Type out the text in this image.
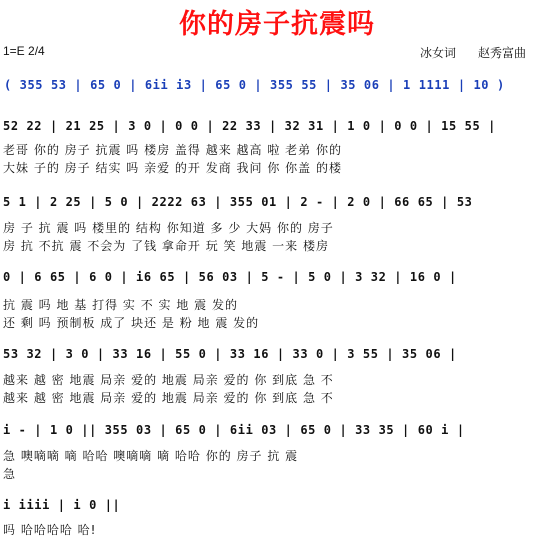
你的房子抗震吗
1=E 2/4	冰女词 赵秀富曲
( 355 53 | 65 0 | 6ii i3 | 65 0 | 355 55 | 35 06 | 1 1111 | 10 )
52 22 | 21 25 | 3 0 | 0 0 | 22 33 | 32 31 | 1 0 | 0 0 | 15 55 |
老哥 你的 房子 抗震 吗 楼房 盖得 越来 越高 啦 老弟 你的
大妹 子的 房子 结实 吗 亲爱 的开 发商 我问 你 你盖 的楼
5 1 | 2 25 | 5 0 | 2222 63 | 355 01 | 2 - | 2 0 | 66 65 | 53
房 子 抗 震 吗 楼里的 结构 你知道 多 少 大妈 你的 房子
房 抗 不抗 震 不会为 了钱 拿命开 玩 笑 地震 一来 楼房
0 | 6 65 | 6 0 | i6 65 | 56 03 | 5 - | 5 0 | 3 32 | 16 0 |
抗 震 吗 地 基 打得 实 不 实 地 震 发的
还 剩 吗 预制板 成了 块还 是 粉 地 震 发的
53 32 | 3 0 | 33 16 | 55 0 | 33 16 | 33 0 | 3 55 | 35 06 |
越来 越 密 地震 局亲 爱的 地震 局亲 爱的 你 到底 急 不
越来 越 密 地震 局亲 爱的 地震 局亲 爱的 你 到底 急 不
i - | 1 0 || 355 03 | 65 0 | 6ii 03 | 65 0 | 33 35 | 60 i |
急 噢嘀嘀 嘀 哈哈 噢嘀嘀 嘀 哈哈 你的 房子 抗 震
急
i iiii | i 0 ||
吗 哈哈哈哈 哈!
